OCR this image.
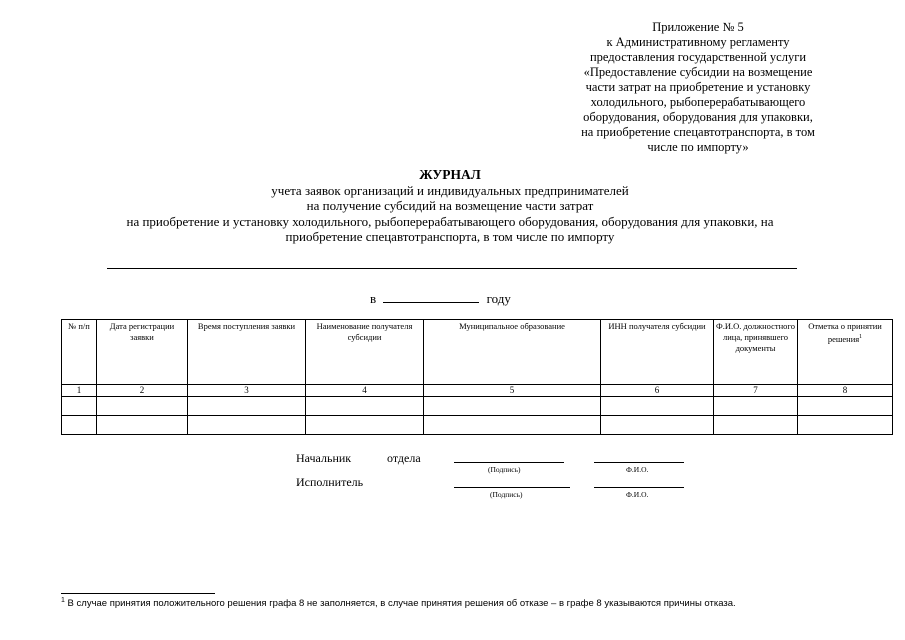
Приложение № 5
к Административному регламенту
предоставления государственной услуги
«Предоставление субсидии на возмещение
части затрат на приобретение и установку
холодильного, рыбоперерабатывающего
оборудования, оборудования для упаковки,
на приобретение спецавтотранспорта, в том
числе по импорту»
ЖУРНАЛ
учета заявок организаций и индивидуальных предпринимателей
на получение субсидий на возмещение части затрат
на приобретение и установку холодильного, рыбоперерабатывающего оборудования, оборудования для упаковки, на
приобретение спецавтотранспорта, в том числе по импорту
в	году
№ п/п	Дата регистрации заявки	Время поступления заявки	Наименование получателя субсидии	Муниципальное образование	ИНН получателя субсидии	Ф.И.О. должностного лица, принявшего документы	Отметка о принятии решения$^1$
1	2	3	4	5	6	7	8

Начальник	отдела
(Подпись)	Ф.И.О.
Исполнитель
(Подпись)	Ф.И.О.
$^1$ В случае принятия положительного решения графа 8 не заполняется, в случае принятия решения об отказе – в графе 8 указываются причины отказа.
